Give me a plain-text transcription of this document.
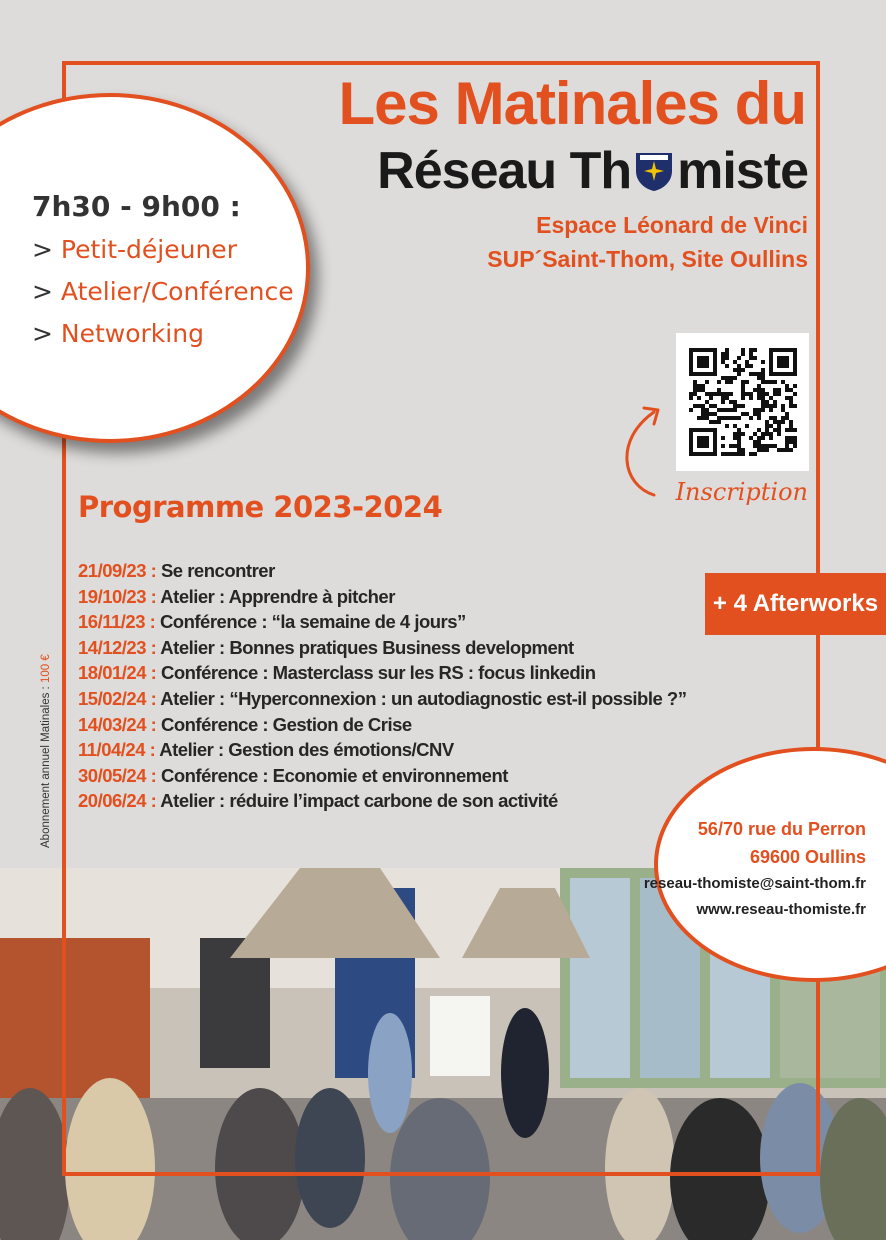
Les Matinales du
Réseau Th miste
Espace Léonard de Vinci
SUP´Saint-Thom, Site Oullins
7h30 - 9h00 :
> Petit-déjeuner
> Atelier/Conférence
> Networking
Inscription
Programme 2023-2024
21/09/23 : Se rencontrer
19/10/23 : Atelier : Apprendre à pitcher
16/11/23 : Conférence : “la semaine de 4 jours”
14/12/23 : Atelier : Bonnes pratiques Business development
18/01/24 : Conférence : Masterclass sur les RS : focus linkedin
15/02/24 : Atelier : “Hyperconnexion : un autodiagnostic est-il possible ?”
14/03/24 : Conférence : Gestion de Crise
11/04/24 : Atelier : Gestion des émotions/CNV
30/05/24 : Conférence : Economie et environnement
20/06/24 : Atelier : réduire l’impact carbone de son activité
+ 4 Afterworks
Abonnement annuel Matinales : 100 €
56/70 rue du Perron
69600 Oullins
reseau-thomiste@saint-thom.fr
www.reseau-thomiste.fr
